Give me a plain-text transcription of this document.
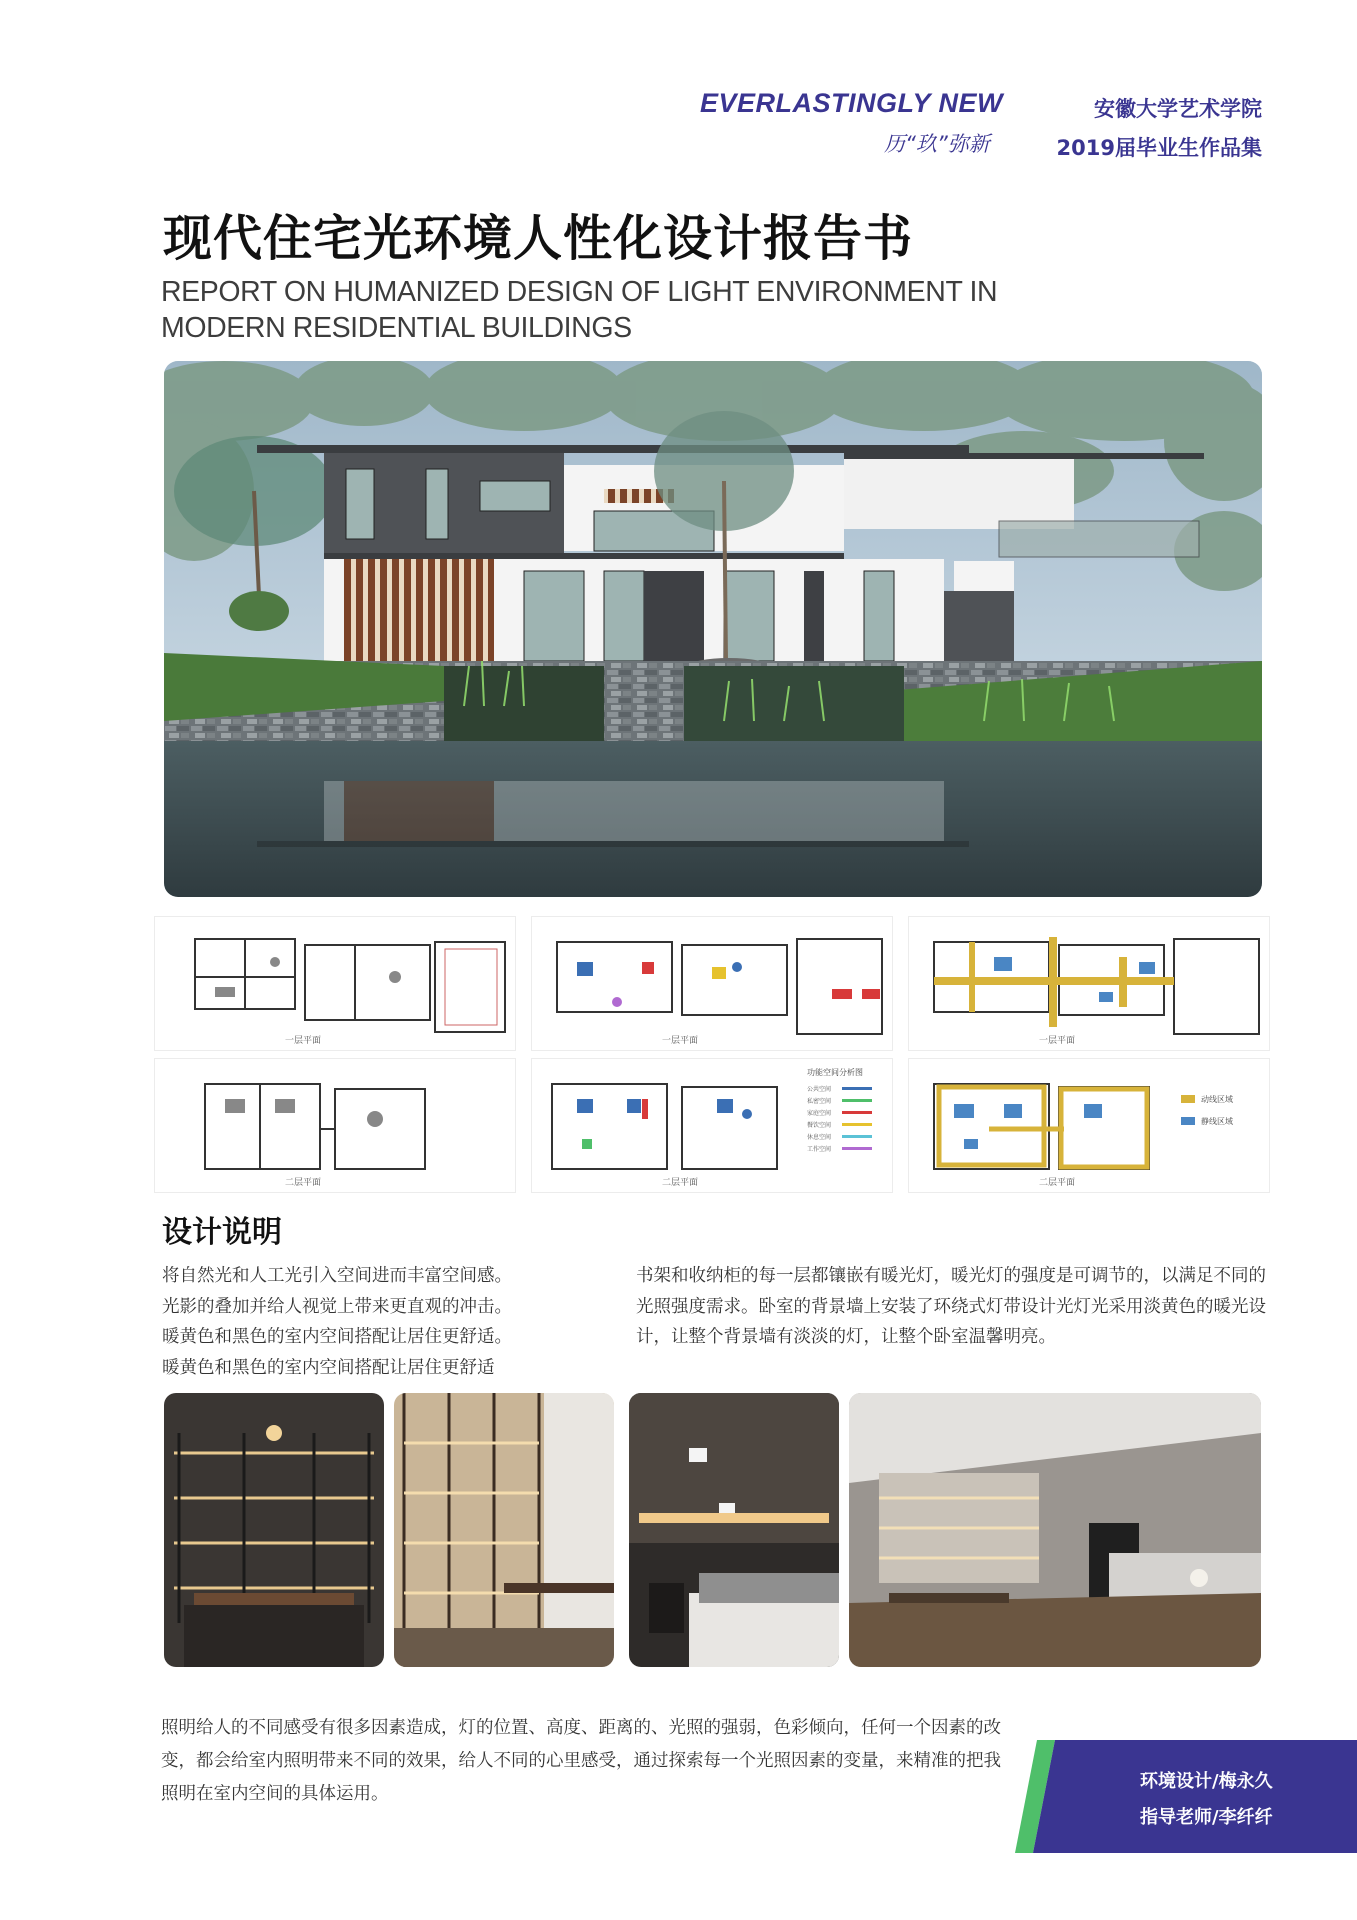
EVERLASTINGLY NEW
历“玖”弥新
安徽大学艺术学院
2019届毕业生作品集
现代住宅光环境人性化设计报告书
REPORT ON HUMANIZED DESIGN OF LIGHT ENVIRONMENT IN
MODERN RESIDENTIAL BUILDINGS
一层平面
二层平面
一层平面
二层平面
功能空间分析图
公共空间
私密空间
家庭空间
餐饮空间
休息空间
工作空间
一层平面
二层平面
动线区域
静线区域
设计说明
将自然光和人工光引入空间进而丰富空间感。
光影的叠加并给人视觉上带来更直观的冲击。
暖黄色和黑色的室内空间搭配让居住更舒适。
暖黄色和黑色的室内空间搭配让居住更舒适
书架和收纳柜的每一层都镶嵌有暖光灯，暖光灯的强度是可调节的，以满足不同的光照强度需求。卧室的背景墙上安装了环绕式灯带设计光灯光采用淡黄色的暖光设计，让整个背景墙有淡淡的灯，让整个卧室温馨明亮。
照明给人的不同感受有很多因素造成，灯的位置、高度、距离的、光照的强弱，色彩倾向，任何一个因素的改变，都会给室内照明带来不同的效果，给人不同的心里感受，通过探索每一个光照因素的变量，来精准的把我照明在室内空间的具体运用。
环境设计/梅永久
指导老师/李纤纤
